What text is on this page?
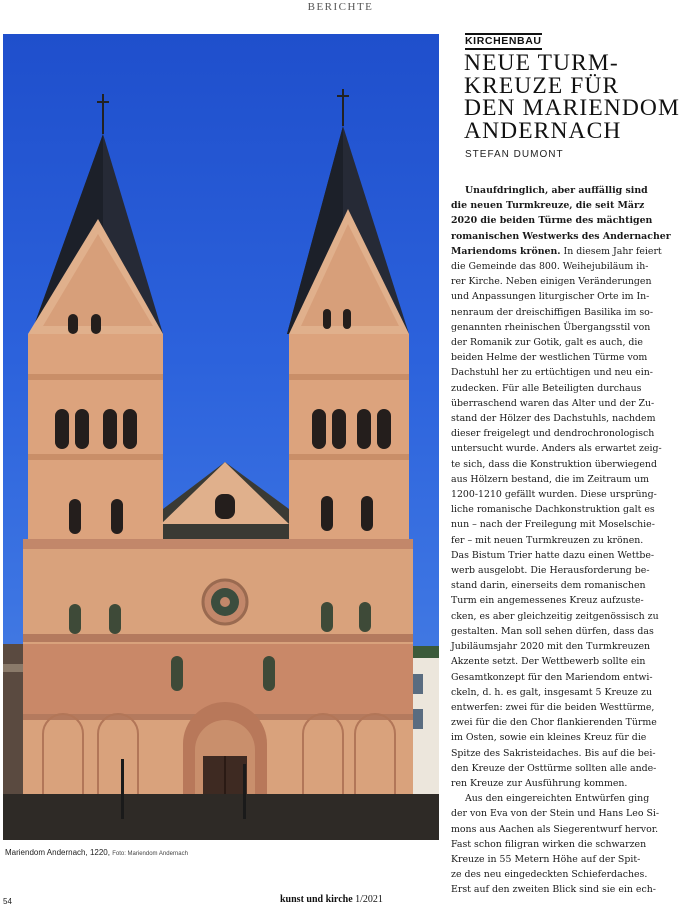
BERICHTE
Mariendom Andernach, 1220, Foto: Mariendom Andernach
KIRCHENBAU
NEUE TURM-
KREUZE FÜR
DEN MARIENDOM
ANDERNACH
STEFAN DUMONT
Unaufdringlich, aber auffällig sind
die neuen Turmkreuze, die seit März
2020 die beiden Türme des mächtigen
romanischen Westwerks des Andernacher
Mariendoms krönen. In diesem Jahr feiert
die Gemeinde das 800. Weihejubiläum ih-
rer Kirche. Neben einigen Veränderungen
und Anpassungen liturgischer Orte im In-
nenraum der dreischiffigen Basilika im so-
genannten rheinischen Übergangsstil von
der Romanik zur Gotik, galt es auch, die
beiden Helme der westlichen Türme vom
Dachstuhl her zu ertüchtigen und neu ein-
zudecken. Für alle Beteiligten durchaus
überraschend waren das Alter und der Zu-
stand der Hölzer des Dachstuhls, nachdem
dieser freigelegt und dendrochronologisch
untersucht wurde. Anders als erwartet zeig-
te sich, dass die Konstruktion überwiegend
aus Hölzern bestand, die im Zeitraum um
1200-1210 gefällt wurden. Diese ursprüng-
liche romanische Dachkonstruktion galt es
nun – nach der Freilegung mit Moselschie-
fer – mit neuen Turmkreuzen zu krönen.
Das Bistum Trier hatte dazu einen Wettbe-
werb ausgelobt. Die Herausforderung be-
stand darin, einerseits dem romanischen
Turm ein angemessenes Kreuz aufzuste-
cken, es aber gleichzeitig zeitgenössisch zu
gestalten. Man soll sehen dürfen, dass das
Jubiläumsjahr 2020 mit den Turmkreuzen
Akzente setzt. Der Wettbewerb sollte ein
Gesamtkonzept für den Mariendom entwi-
ckeln, d. h. es galt, insgesamt 5 Kreuze zu
entwerfen: zwei für die beiden Westtürme,
zwei für die den Chor flankierenden Türme
im Osten, sowie ein kleines Kreuz für die
Spitze des Sakristeidaches. Bis auf die bei-
den Kreuze der Osttürme sollten alle ande-
ren Kreuze zur Ausführung kommen.
Aus den eingereichten Entwürfen ging
der von Eva von der Stein und Hans Leo Si-
mons aus Aachen als Siegerentwurf hervor.
Fast schon filigran wirken die schwarzen
Kreuze in 55 Metern Höhe auf der Spit-
ze des neu eingedeckten Schieferdaches.
Erst auf den zweiten Blick sind sie ein ech-
54	kunst und kirche 1/2021
